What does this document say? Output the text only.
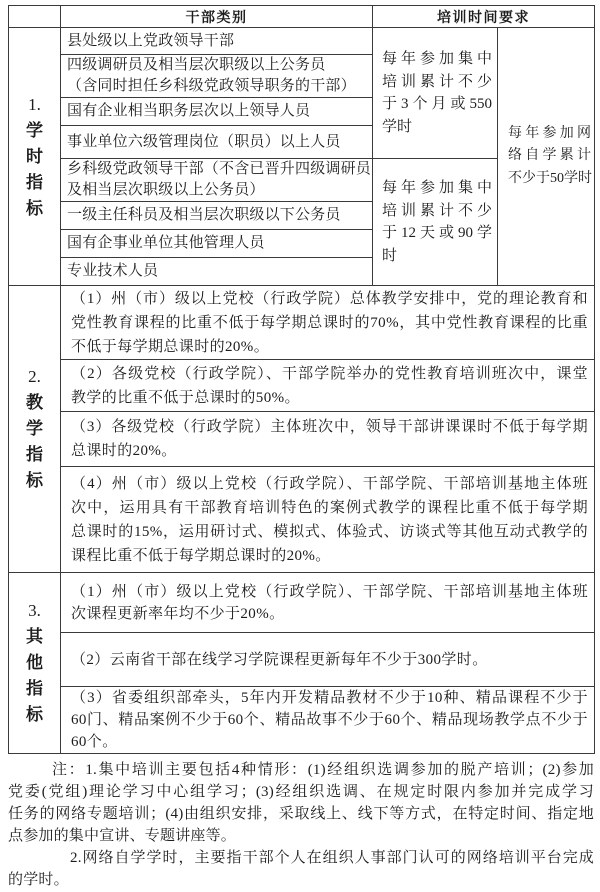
	干部类别	培训时间要求	

1.
学时指标	县处级以上党政领导干部	每年参加集中
培训累计不少
于3个月或550
学时	每年参加网
络自学累计
不少于50学时

	四级调研员及相当层次职级以上公务员
（含同时担任乡科级党政领导职务的干部）		

	国有企业相当职务层次以上领导人员		

	事业单位六级管理岗位（职员）以上人员		

	乡科级党政领导干部（不含已晋升四级调研员
及相当层次职级以上公务员）	每年参加集中
培训累计不少
于12天或90学
时	

	一级主任科员及相当层次职级以下公务员		

	国有企事业单位其他管理人员		

	专业技术人员		

2.
教学指标	（1）州（市）级以上党校（行政学院）总体教学安排中，党的理论教育和
党性教育课程的比重不低于每学期总课时的70%，其中党性教育课程的比重
不低于每学期总课时的20%。		

	（2）各级党校（行政学院）、干部学院举办的党性教育培训班次中，课堂
教学的比重不低于总课时的50%。		

	（3）各级党校（行政学院）主体班次中，领导干部讲课课时不低于每学期
总课时的20%。		

	（4）州（市）级以上党校（行政学院）、干部学院、干部培训基地主体班
次中，运用具有干部教育培训特色的案例式教学的课程比重不低于每学期
总课时的15%，运用研讨式、模拟式、体验式、访谈式等其他互动式教学的
课程比重不低于每学期总课时的20%。		

3.
其他指标	（1）州（市）级以上党校（行政学院）、干部学院、干部培训基地主体班
次课程更新率年均不少于20%。		

	（2）云南省干部在线学习学院课程更新每年不少于300学时。		

	（3）省委组织部牵头，5年内开发精品教材不少于10种、精品课程不少于
60门、精品案例不少于60个、精品故事不少于60个、精品现场教学点不少于
60个。		
注：1.集中培训主要包括4种情形：(1)经组织选调参加的脱产培训；(2)参加
党委(党组)理论学习中心组学习；(3)经组织选调、在规定时限内参加并完成学习
任务的网络专题培训；(4)由组织安排，采取线上、线下等方式，在特定时间、指定地
点参加的集中宣讲、专题讲座等。
2.网络自学学时，主要指干部个人在组织人事部门认可的网络培训平台完成
的学时。
